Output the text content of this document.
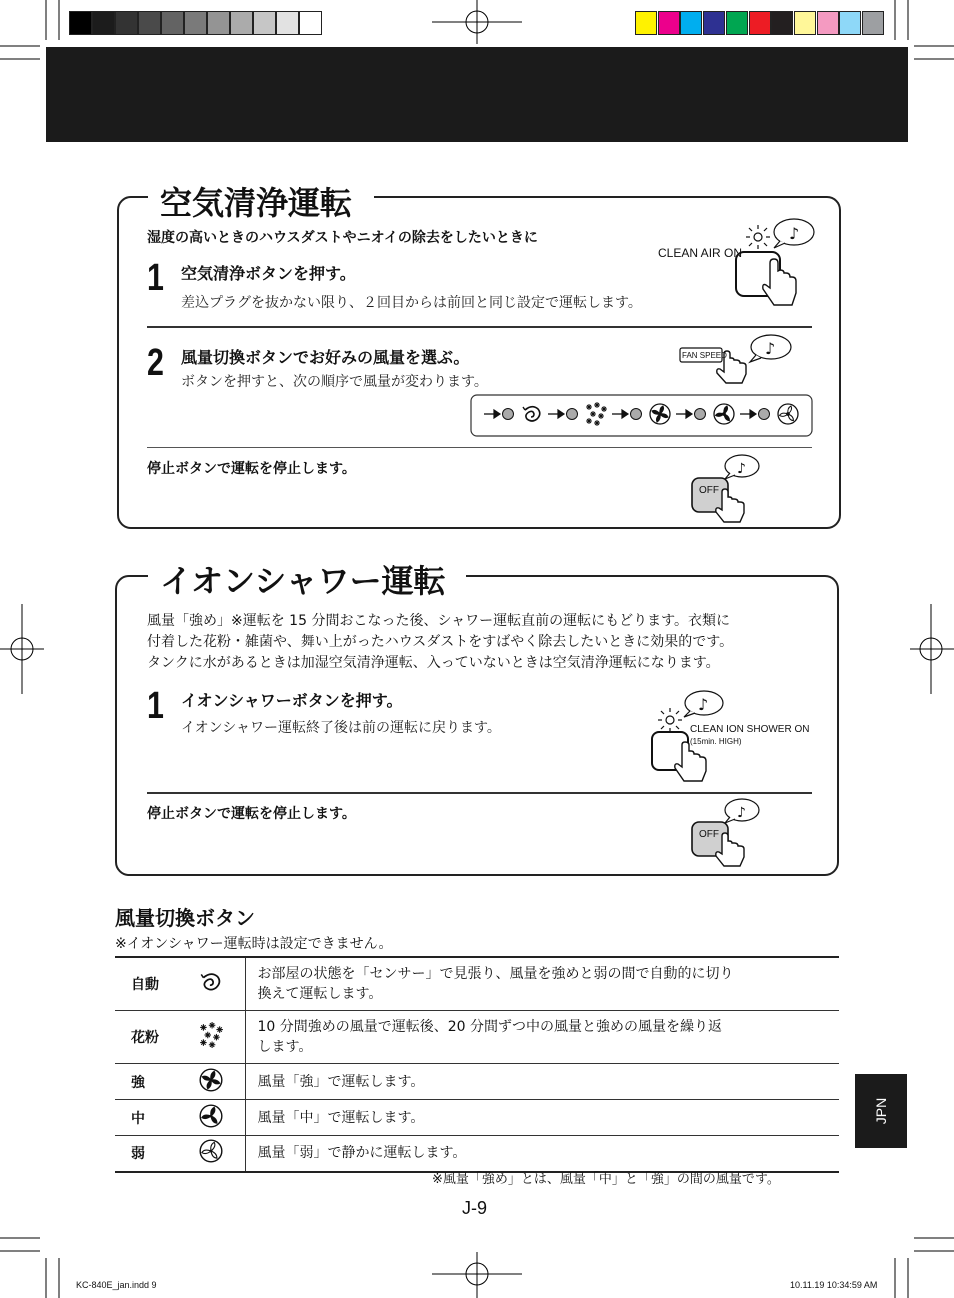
空気清浄運転
湿度の高いときのハウスダストやニオイの除去をしたいときに
1 空気清浄ボタンを押す。
差込プラグを抜かない限り、２回目からは前回と同じ設定で運転します。
CLEAN AIR ON
♪
2 風量切換ボタンでお好みの風量を選ぶ。
ボタンを押すと、次の順序で風量が変わります。
♪
FAN SPEED
停止ボタンで運転を停止します。	♪
OFF
イオンシャワー運転
風量「強め」※運転を 15 分間おこなった後、シャワー運転直前の運転にもどります。衣類に
付着した花粉・雑菌や、舞い上がったハウスダストをすばやく除去したいときに効果的です。
タンクに水があるときは加湿空気清浄運転、入っていないときは空気清浄運転になります。
1 イオンシャワーボタンを押す。
イオンシャワー運転終了後は前の運転に戻ります。
♪
CLEAN ION SHOWER ON
(15min. HIGH)
停止ボタンで運転を停止します。	♪
OFF
風量切換ボタン
※イオンシャワー運転時は設定できません。
自動		お部屋の状態を「センサー」で見張り、風量を強めと弱の間で自動的に切り
換えて運転します。

花粉		10 分間強めの風量で運転後、20 分間ずつ中の風量と強めの風量を繰り返
します。

強		風量「強」で運転します。

中		風量「中」で運転します。

弱		風量「弱」で静かに運転します。
※風量「強め」とは、風量「中」と「強」の間の風量です。
J-9
JPN
KC-840E_jan.indd 9	10.11.19 10:34:59 AM
